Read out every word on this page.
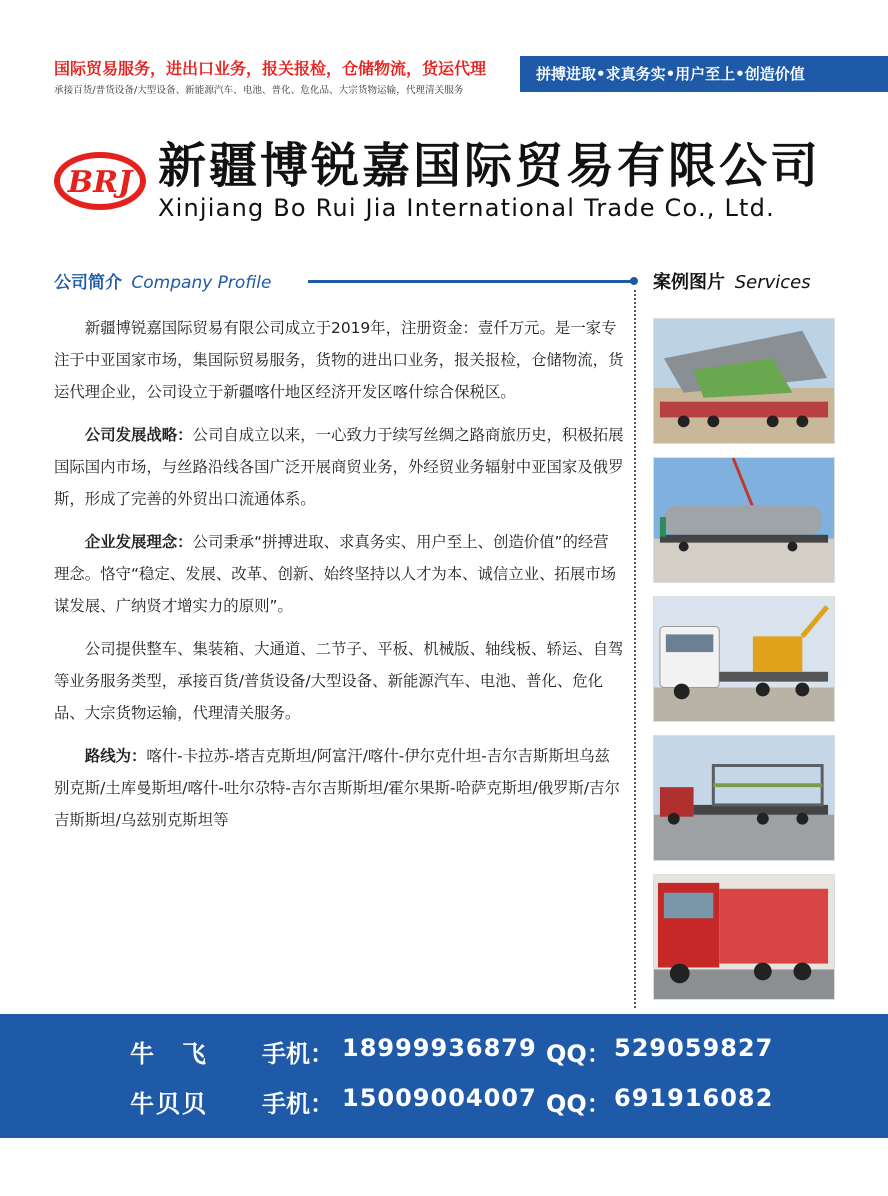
国际贸易服务，进出口业务，报关报检，仓储物流，货运代理
承接百货/普货设备/大型设备、新能源汽车、电池、普化、危化品、大宗货物运输，代理清关服务
拼搏进取•求真务实•用户至上•创造价值
BRJ 新疆博锐嘉国际贸易有限公司
Xinjiang Bo Rui Jia International Trade Co., Ltd.
公司简介 Company Profile	案例图片 Services

新疆博锐嘉国际贸易有限公司成立于2019年，注册资金：壹仟万元。是一家专注于中亚国家市场，集国际贸易服务，货物的进出口业务，报关报检，仓储物流，货运代理企业，公司设立于新疆喀什地区经济开发区喀什综合保税区。

公司发展战略：公司自成立以来，一心致力于续写丝绸之路商旅历史，积极拓展国际国内市场，与丝路沿线各国广泛开展商贸业务，外经贸业务辐射中亚国家及俄罗斯，形成了完善的外贸出口流通体系。

企业发展理念：公司秉承“拼搏进取、求真务实、用户至上、创造价值”的经营理念。恪守“稳定、发展、改革、创新、始终坚持以人才为本、诚信立业、拓展市场谋发展、广纳贤才增实力的原则”。

公司提供整车、集装箱、大通道、二节子、平板、机械版、轴线板、轿运、自驾等业务服务类型，承接百货/普货设备/大型设备、新能源汽车、电池、普化、危化品、大宗货物运输，代理清关服务。

路线为：喀什-卡拉苏-塔吉克斯坦/阿富汗/喀什-伊尔克什坦-吉尔吉斯斯坦乌兹别克斯/土库曼斯坦/喀什-吐尔尕特-吉尔吉斯斯坦/霍尔果斯-哈萨克斯坦/俄罗斯/吉尔吉斯斯坦/乌兹别克斯坦等

牛　飞 手机： 18999936879 QQ： 529059827
牛贝贝 手机： 15009004007 QQ： 691916082
